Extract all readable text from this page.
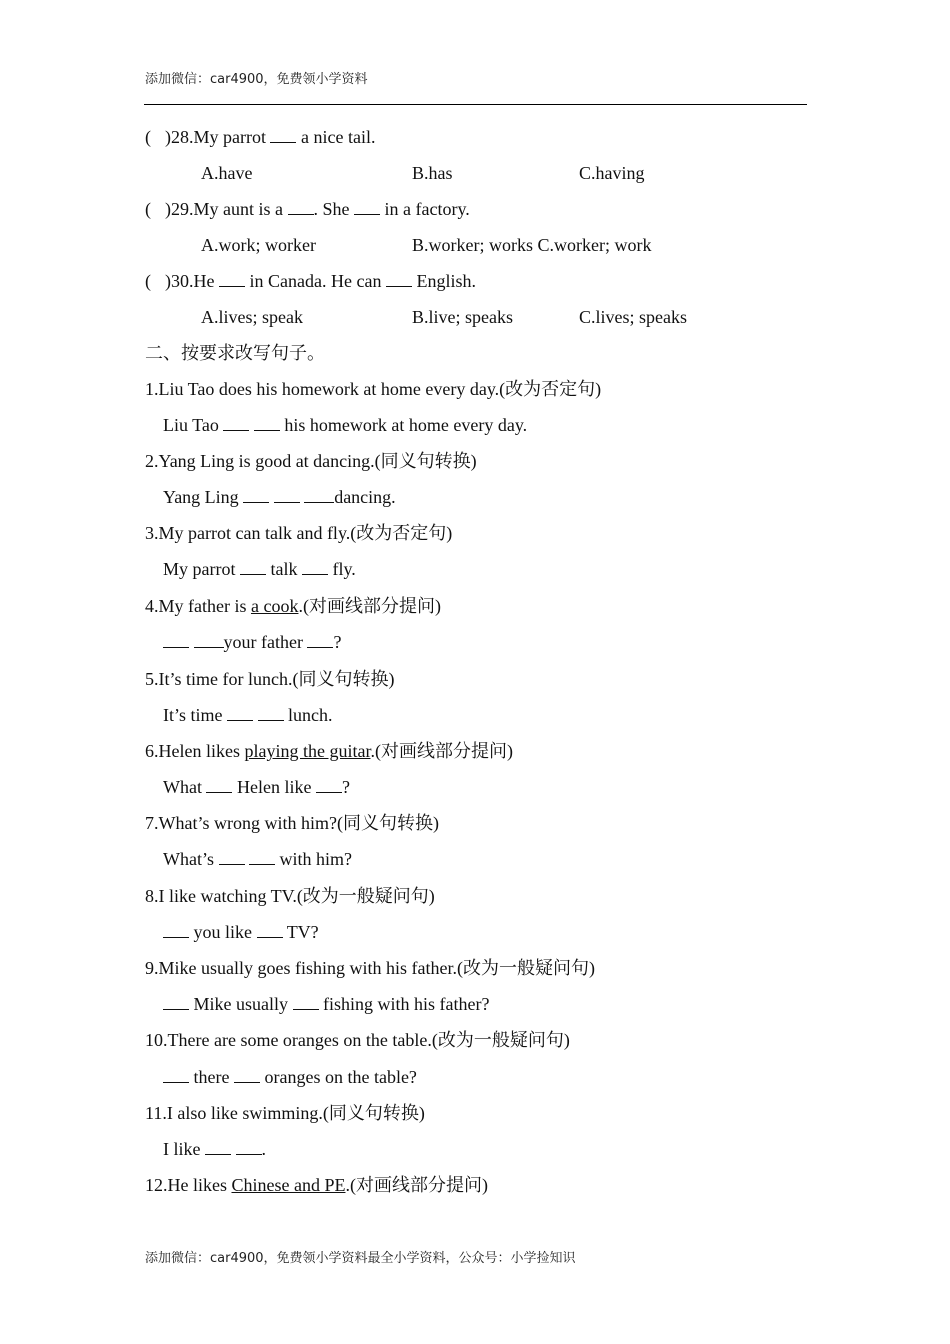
添加微信：car4900，免费领小学资料
( )28.My parrot a nice tail.
A.have	B.has	C.having
( )29.My aunt is a . She in a factory.
A.work; worker	B.worker; works C.worker; work
( )30.He in Canada. He can English.
A.lives; speak	B.live; speaks	C.lives; speaks
二、按要求改写句子。
1.Liu Tao does his homework at home every day.(改为否定句)
Liu Tao	his homework at home every day.
2.Yang Ling is good at dancing.(同义句转换)
Yang Ling	dancing.
3.My parrot can talk and fly.(改为否定句)
My parrot talk fly.
4.My father is a cook.(对画线部分提问)
your father ?
5.It’s time for lunch.(同义句转换)
It’s time	lunch.
6.Helen likes playing the guitar.(对画线部分提问)
What Helen like ?
7.What’s wrong with him?(同义句转换)
What’s	with him?
8.I like watching TV.(改为一般疑问句)
you like TV?
9.Mike usually goes fishing with his father.(改为一般疑问句)
Mike usually fishing with his father?
10.There are some oranges on the table.(改为一般疑问句)
there oranges on the table?
11.I also like swimming.(同义句转换)
I like	.
12.He likes Chinese and PE.(对画线部分提问)
添加微信：car4900，免费领小学资料最全小学资料，公众号：小学捡知识
